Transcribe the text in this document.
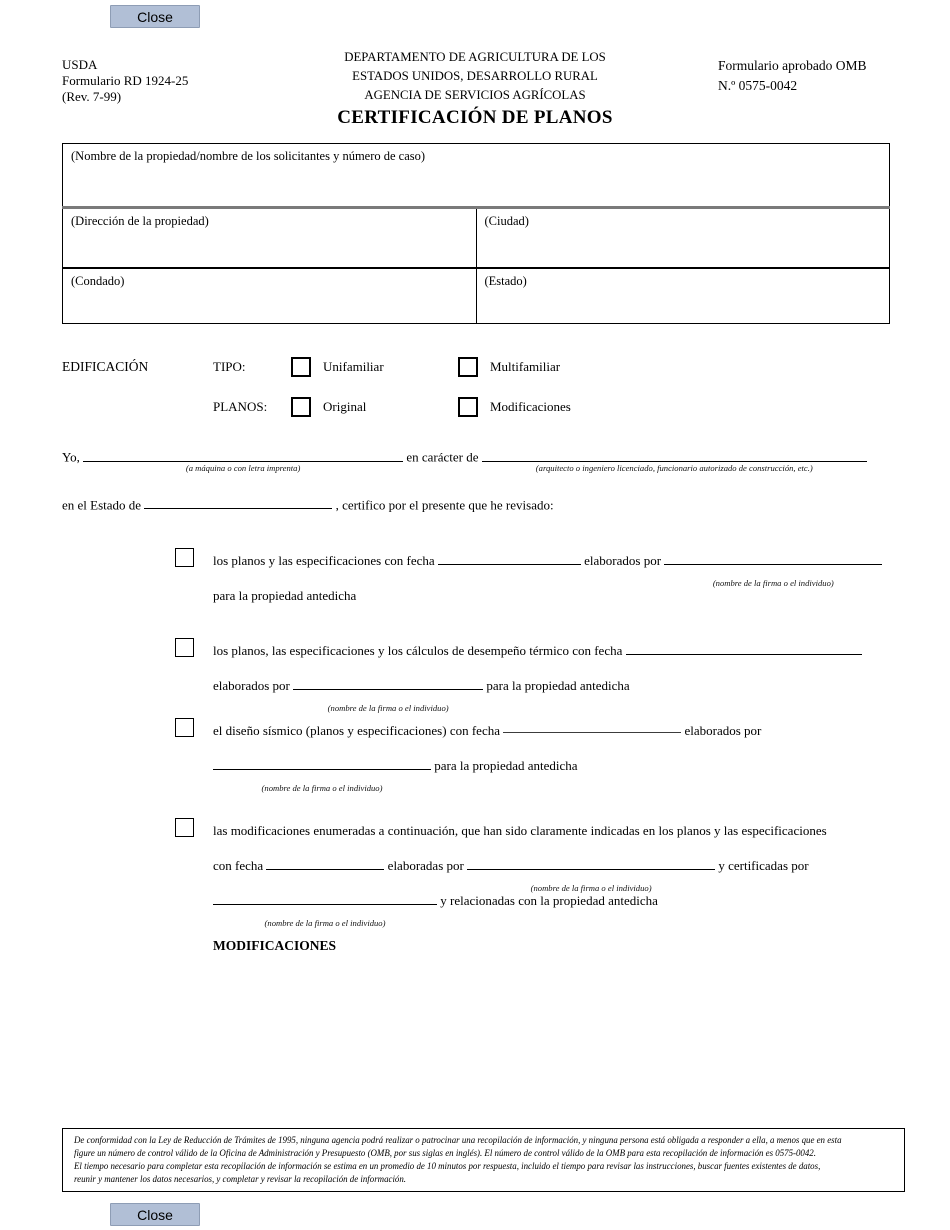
Close
USDA
Formulario RD 1924-25
(Rev. 7-99)
DEPARTAMENTO DE AGRICULTURA DE LOS
ESTADOS UNIDOS, DESARROLLO RURAL
AGENCIA DE SERVICIOS AGRÍCOLAS
CERTIFICACIÓN DE PLANOS
Formulario aprobado OMB
N.º 0575-0042
(Nombre de la propiedad/nombre de los solicitantes y número de caso)	
(Dirección de la propiedad)	(Ciudad)
(Condado)	(Estado)
EDIFICACIÓN	TIPO:	Unifamiliar	Multifamiliar
PLANOS:	Original	Modificaciones
Yo,
(a máquina o con letra imprenta)
en carácter de
(arquitecto o ingeniero licenciado, funcionario autorizado de construcción, etc.)
en el Estado de	, certifico por el presente que he revisado:
los planos y las especificaciones con fecha	elaborados por
(nombre de la firma o el individuo)

para la propiedad antedicha
los planos, las especificaciones y los cálculos de desempeño térmico con fecha
elaborados por
(nombre de la firma o el individuo)
para la propiedad antedicha
el diseño sísmico (planos y especificaciones) con fecha	elaborados por

(nombre de la firma o el individuo)
para la propiedad antedicha
las modificaciones enumeradas a continuación, que han sido claramente indicadas en los planos y las especificaciones
con fecha	elaboradas por
(nombre de la firma o el individuo)
y certificadas por

(nombre de la firma o el individuo)
y relacionadas con la propiedad antedicha
MODIFICACIONES
De conformidad con la Ley de Reducción de Trámites de 1995, ninguna agencia podrá realizar o patrocinar una recopilación de información, y ninguna persona está obligada a responder a ella, a menos que en esta
figure un número de control válido de la Oficina de Administración y Presupuesto (OMB, por sus siglas en inglés). El número de control válido de la OMB para esta recopilación de información es 0575-0042.
El tiempo necesario para completar esta recopilación de información se estima en un promedio de 10 minutos por respuesta, incluido el tiempo para revisar las instrucciones, buscar fuentes existentes de datos,
reunir y mantener los datos necesarios, y completar y revisar la recopilación de información.
Close
